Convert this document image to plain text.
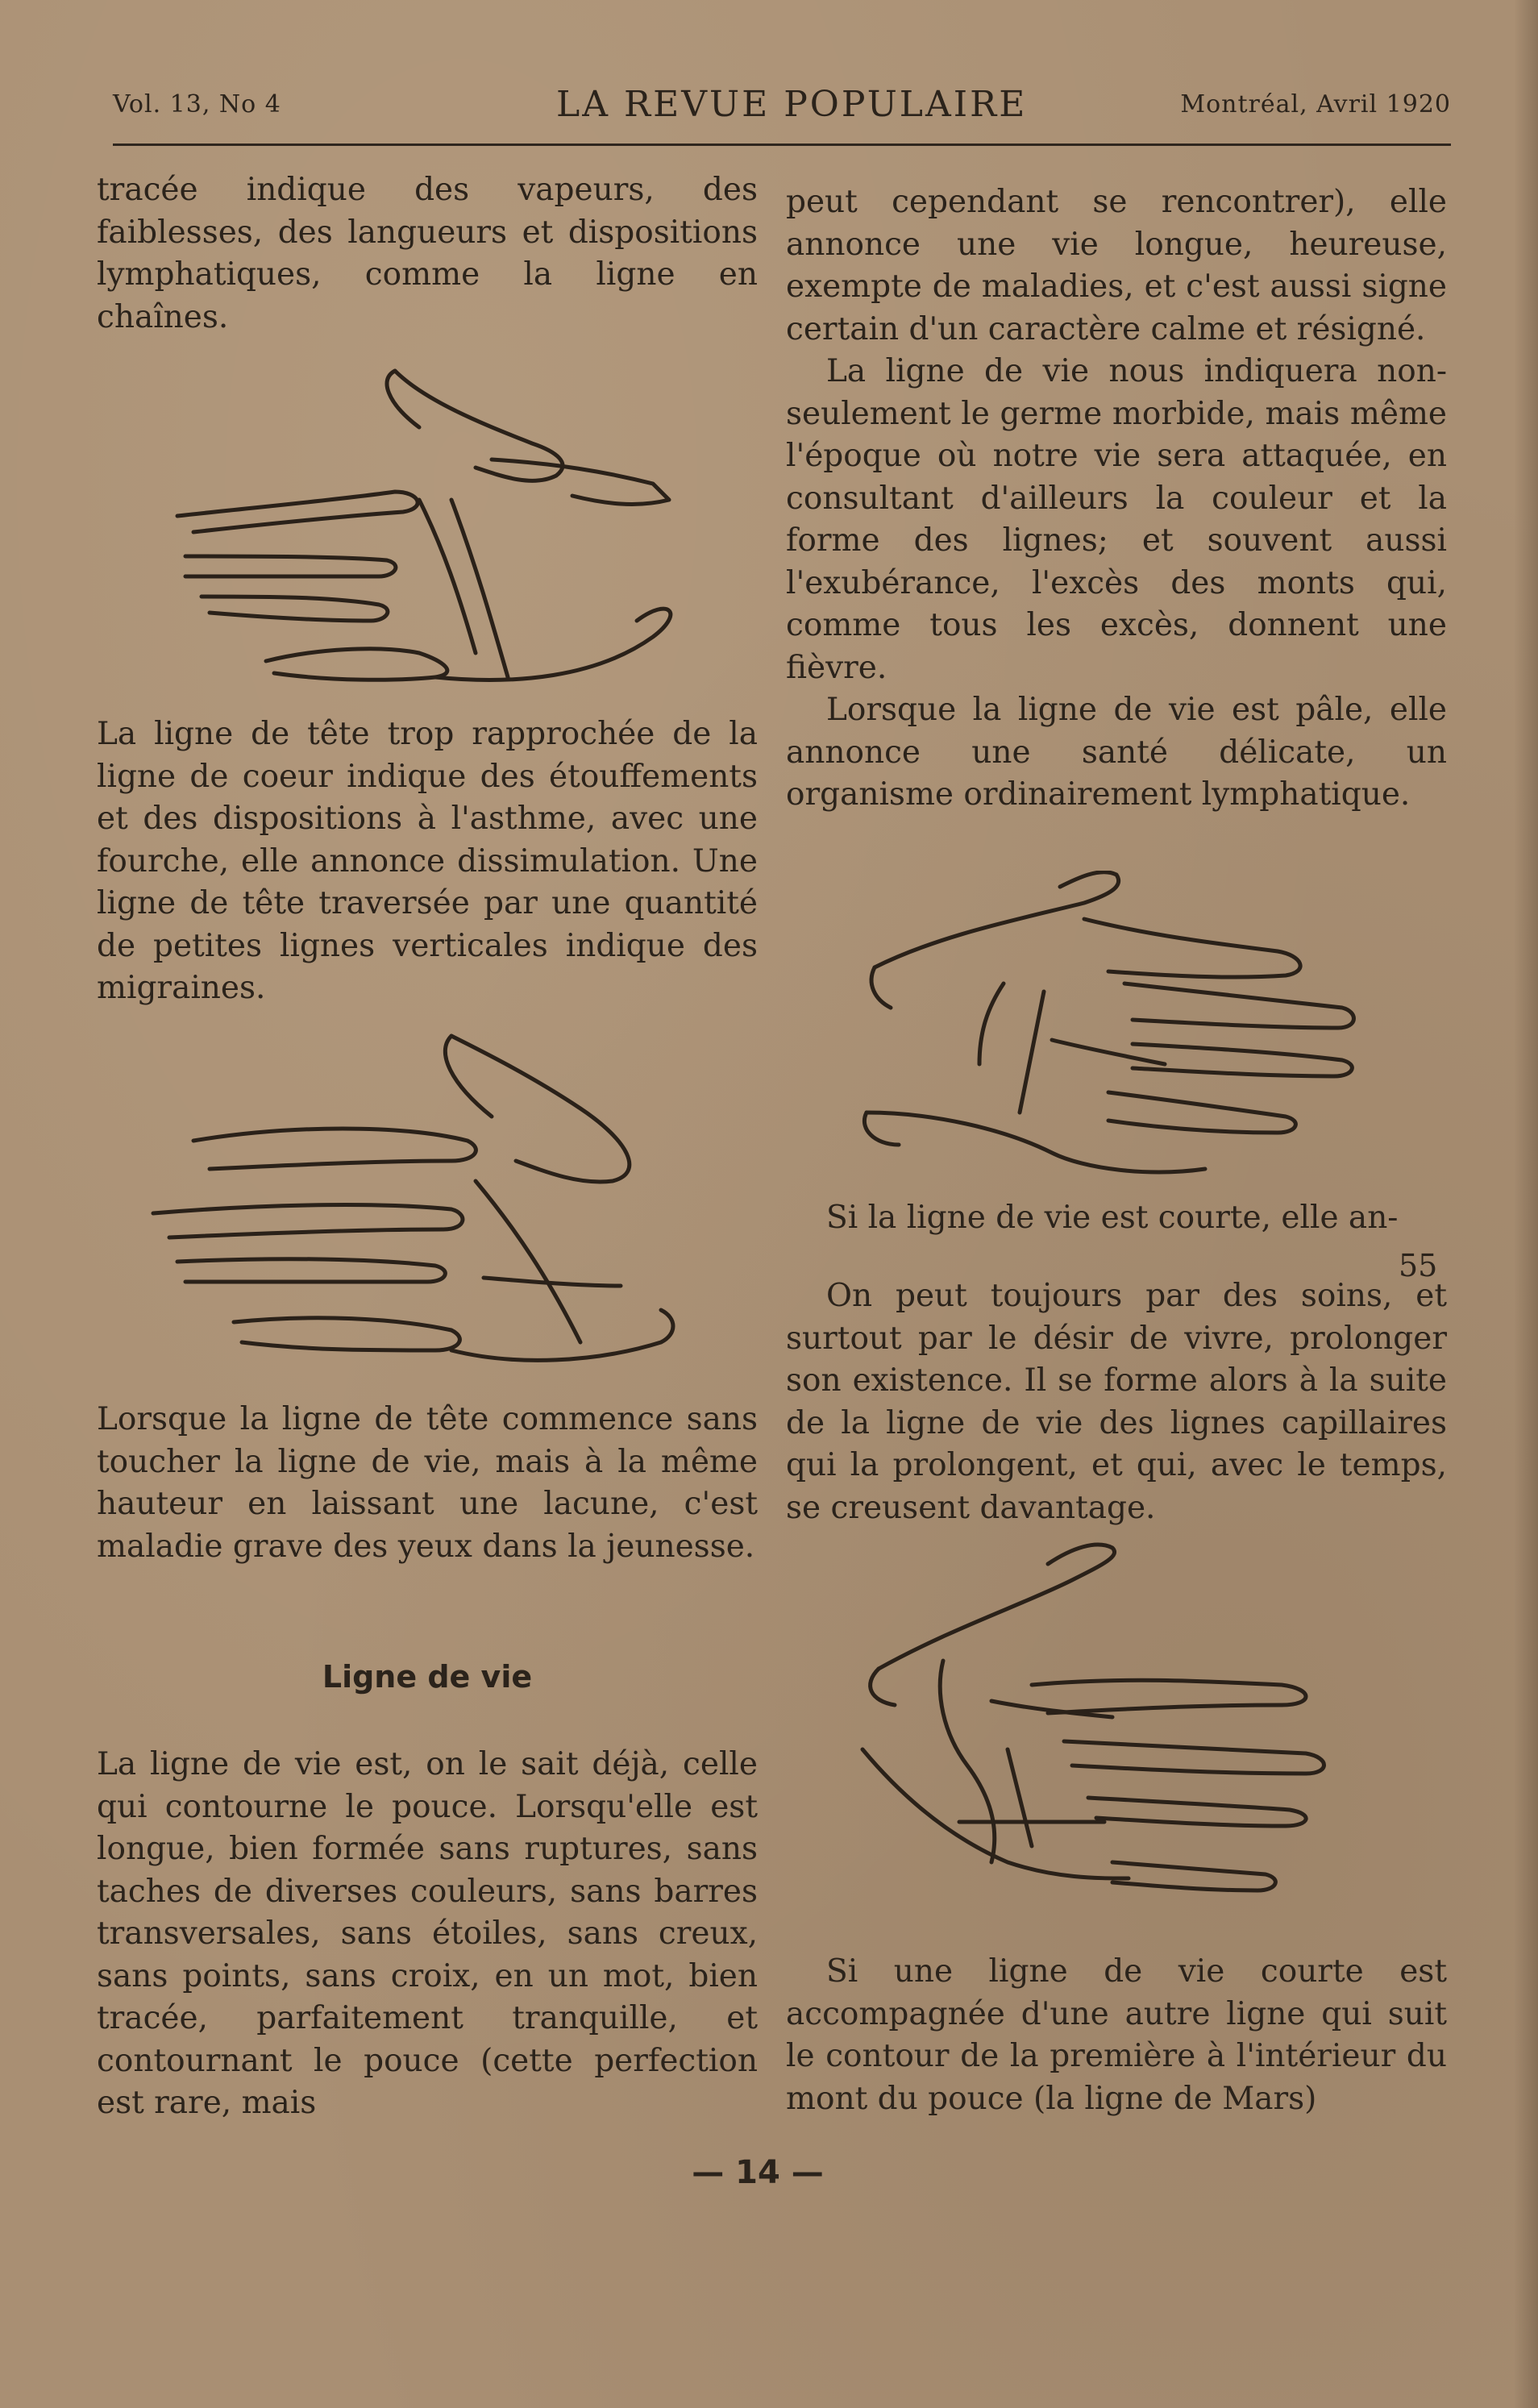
Vol. 13, No 4	LA REVUE POPULAIRE	Montréal, Avril 1920

tracée indique des vapeurs, des faiblesses, des langueurs et dispositions lymphatiques, comme la ligne en chaînes.

La ligne de tête trop rapprochée de la ligne de coeur indique des étouffements et des dispositions à l'asthme, avec une fourche, elle annonce dissimulation. Une ligne de tête traversée par une quantité de petites lignes verticales indique des migraines.

Lorsque la ligne de tête commence sans toucher la ligne de vie, mais à la même hauteur en laissant une lacune, c'est maladie grave des yeux dans la jeunesse.

Ligne de vie

La ligne de vie est, on le sait déjà, celle qui contourne le pouce. Lorsqu'elle est longue, bien formée sans ruptures, sans taches de diverses couleurs, sans barres transversales, sans étoiles, sans creux, sans points, sans croix, en un mot, bien tracée, parfaitement tranquille, et contournant le pouce (cette perfection est rare, mais

peut cependant se rencontrer), elle annonce une vie longue, heureuse, exempte de maladies, et c'est aussi signe certain d'un caractère calme et résigné.

La ligne de vie nous indiquera non-seulement le germe morbide, mais même l'époque où notre vie sera attaquée, en consultant d'ailleurs la couleur et la forme des lignes; et souvent aussi l'exubérance, l'excès des monts qui, comme tous les excès, donnent une fièvre.

Lorsque la ligne de vie est pâle, elle annonce une santé délicate, un organisme ordinairement lymphatique.

Si la ligne de vie est courte, elle an-

55

On peut toujours par des soins, et surtout par le désir de vivre, prolonger son existence. Il se forme alors à la suite de la ligne de vie des lignes capillaires qui la prolongent, et qui, avec le temps, se creusent davantage.

Si une ligne de vie courte est accompagnée d'une autre ligne qui suit le contour de la première à l'intérieur du mont du pouce (la ligne de Mars)

— 14 —
